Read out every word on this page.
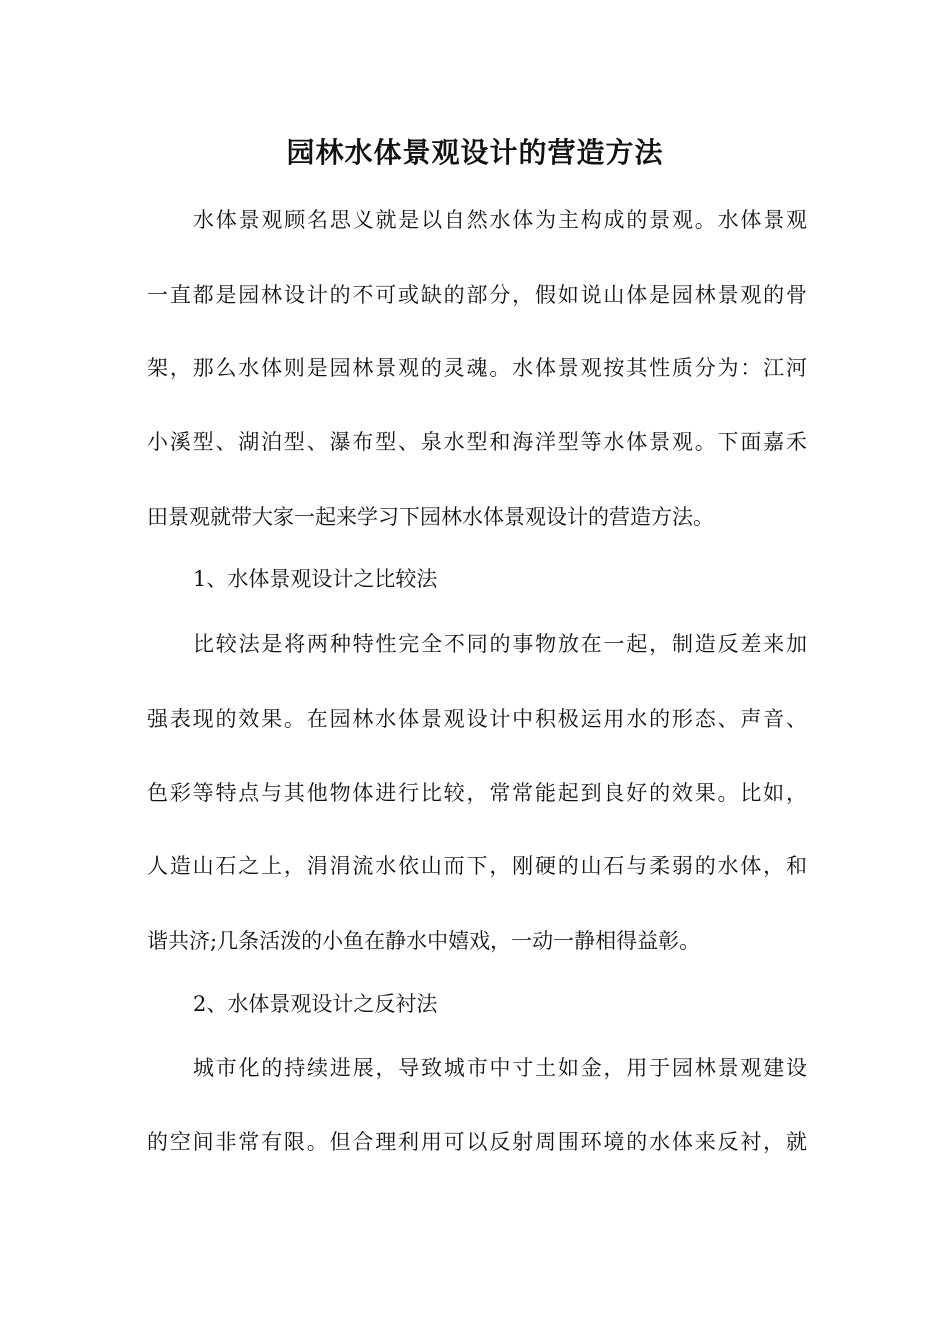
园林水体景观设计的营造方法
水体景观顾名思义就是以自然水体为主构成的景观。水体景观
一直都是园林设计的不可或缺的部分，假如说山体是园林景观的骨
架，那么水体则是园林景观的灵魂。水体景观按其性质分为：江河
小溪型、湖泊型、瀑布型、泉水型和海洋型等水体景观。下面嘉禾
田景观就带大家一起来学习下园林水体景观设计的营造方法。
1、水体景观设计之比较法
比较法是将两种特性完全不同的事物放在一起，制造反差来加
强表现的效果。在园林水体景观设计中积极运用水的形态、声音、
色彩等特点与其他物体进行比较，常常能起到良好的效果。比如，
人造山石之上，涓涓流水依山而下，刚硬的山石与柔弱的水体，和
谐共济;几条活泼的小鱼在静水中嬉戏，一动一静相得益彰。
2、水体景观设计之反衬法
城市化的持续进展，导致城市中寸土如金，用于园林景观建设
的空间非常有限。但合理利用可以反射周围环境的水体来反衬，就
